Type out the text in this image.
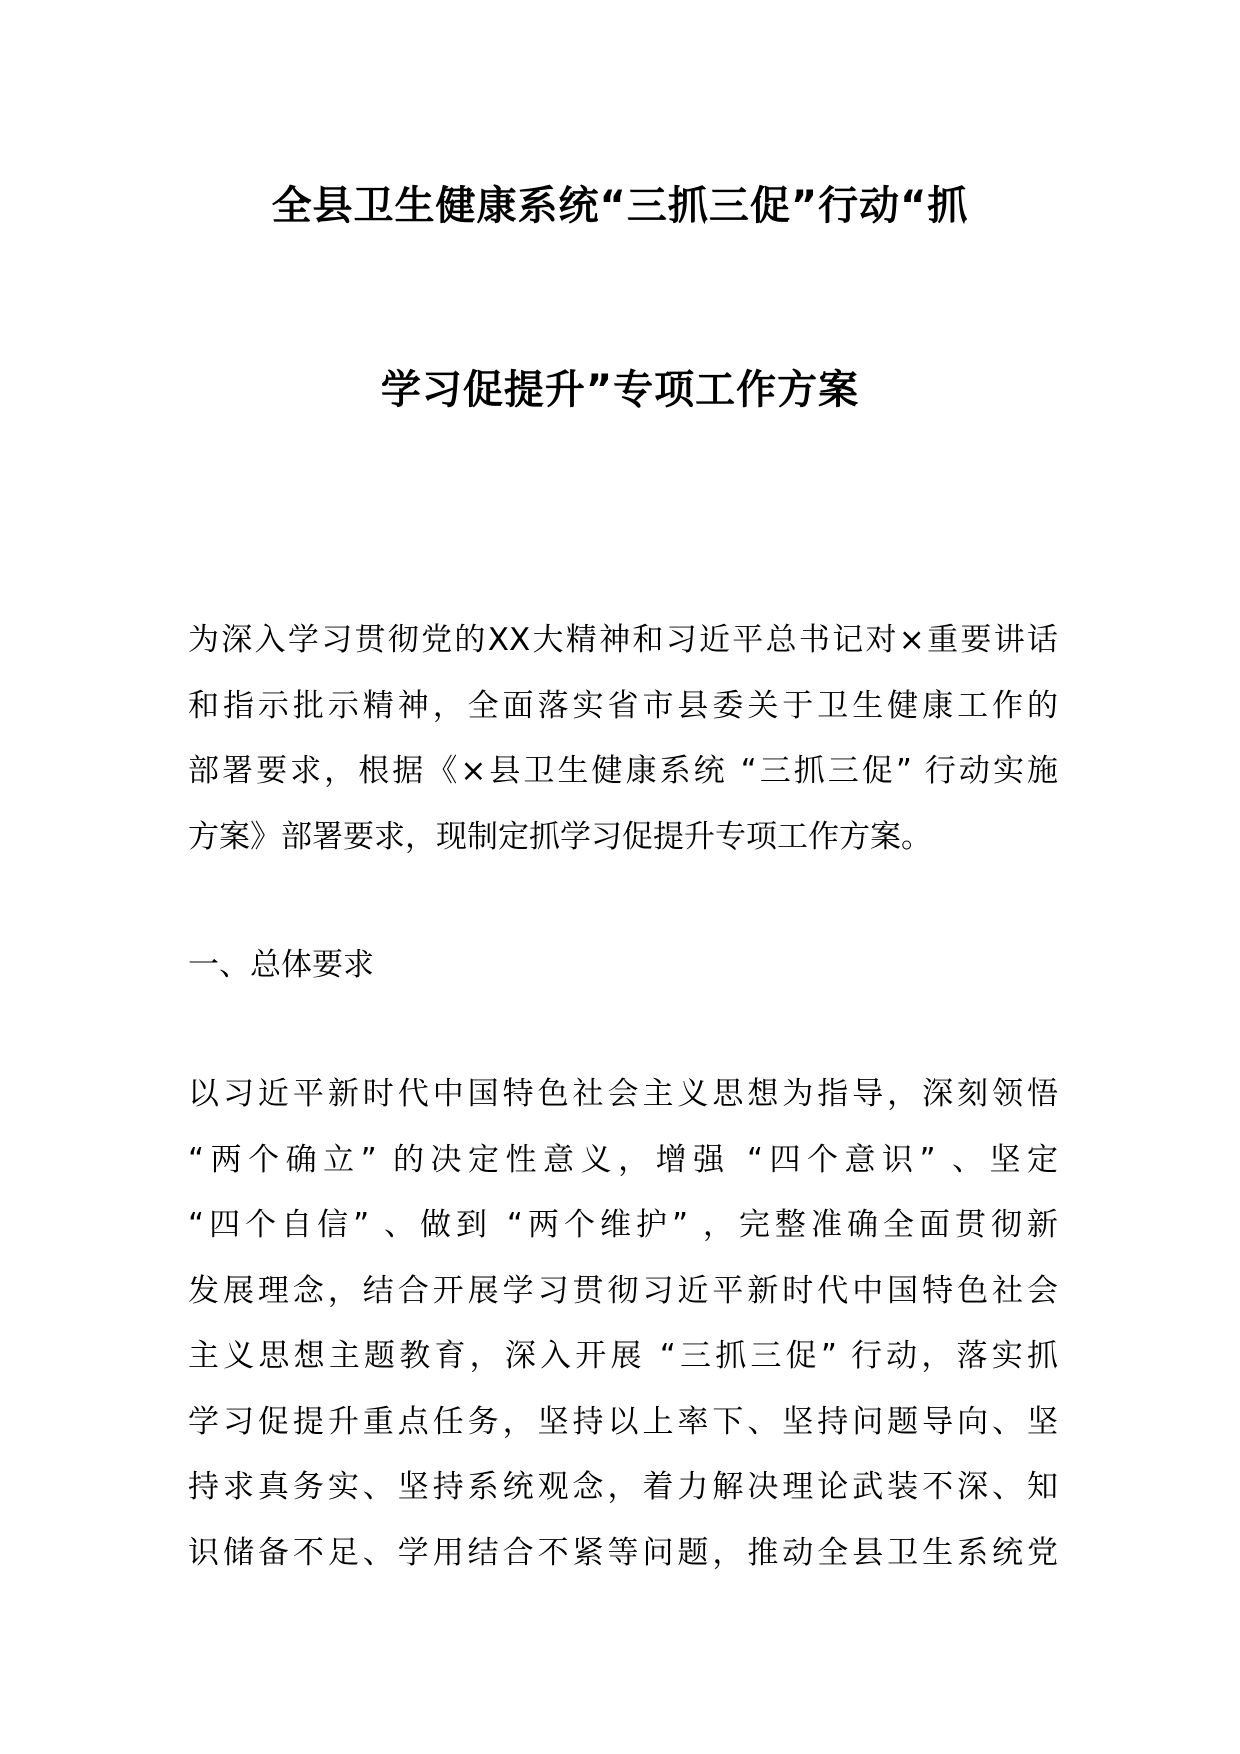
全县卫生健康系统“三抓三促”行动“抓
学习促提升”专项工作方案
为深入学习贯彻党的XX大精神和习近平总书记对×重要讲话
和指示批示精神，全面落实省市县委关于卫生健康工作的
部署要求，根据《×县卫生健康系统 “三抓三促” 行动实施
方案》部署要求，现制定抓学习促提升专项工作方案。
一、总体要求
以习近平新时代中国特色社会主义思想为指导，深刻领悟
“两个确立” 的决定性意义，增强 “四个意识” 、坚定
“四个自信” 、做到 “两个维护” ，完整准确全面贯彻新
发展理念，结合开展学习贯彻习近平新时代中国特色社会
主义思想主题教育，深入开展 “三抓三促” 行动，落实抓
学习促提升重点任务，坚持以上率下、坚持问题导向、坚
持求真务实、坚持系统观念，着力解决理论武装不深、知
识储备不足、学用结合不紧等问题，推动全县卫生系统党
